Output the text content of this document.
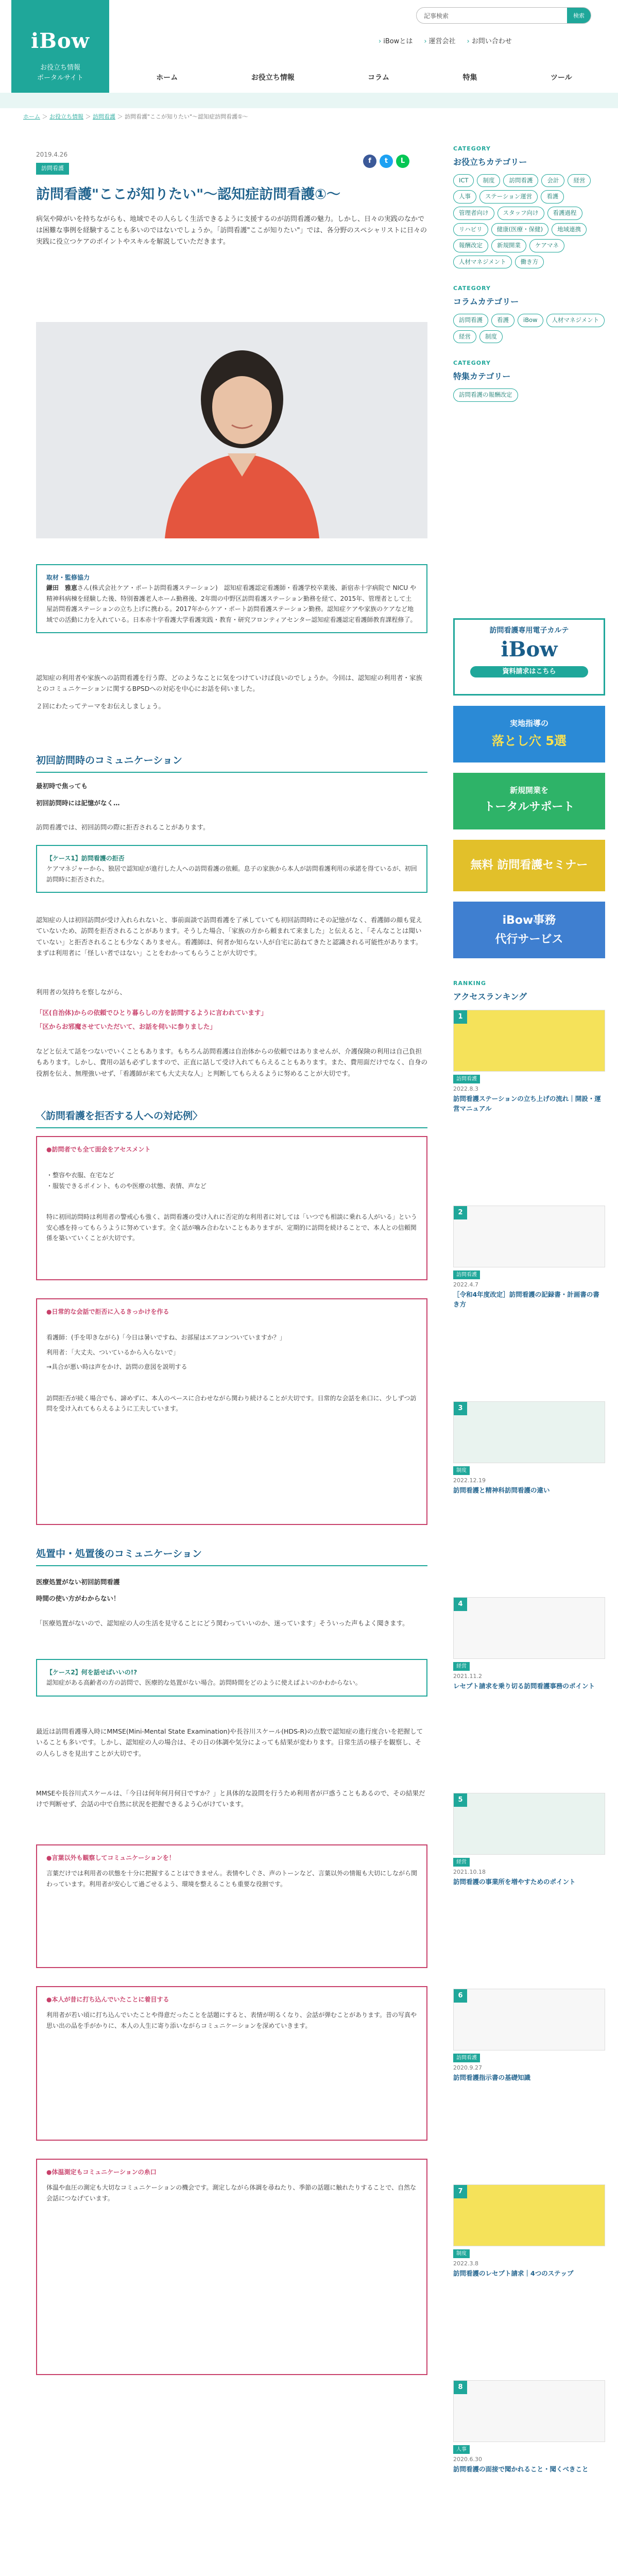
iBow
お役立ち情報
ポータルサイト
記事検索	検索
› iBowとは	› 運営会社	› お問い合わせ
ホーム	お役立ち情報	コラム	特集	ツール
ホーム ＞ お役立ち情報 ＞ 訪問看護 ＞ 訪問看護"ここが知りたい"〜認知症訪問看護①〜
2019.4.26
訪問看護
訪問看護"ここが知りたい"〜認知症訪問看護①〜

病気や障がいを持ちながらも、地域でその人らしく生活できるように支援するのが訪問看護の魅力。しかし、日々の実践のなかでは困難な事例を経験することも多いのではないでしょうか。「訪問看護"ここが知りたい"」では、各分野のスペシャリストに日々の実践に役立つケアのポイントやスキルを解説していただきます。

f	t	L
取材・監修協力
鎌田　雅恵さん(株式会社ケア・ポート訪問看護ステーション)　認知症看護認定看護師・看護学校卒業後、新宿赤十字病院で NICU や精神科病棟を経験した後、特別養護老人ホーム勤務後、2年間の中野区訪問看護ステーション勤務を経て、2015年、管理者として土屋訪問看護ステーションの立ち上げに携わる。2017年からケア・ポート訪問看護ステーション勤務。認知症ケアや家族のケアなど地域での活動に力を入れている。日本赤十字看護大学看護実践・教育・研究フロンティアセンター認知症看護認定看護師教育課程修了。

認知症の利用者や家族への訪問看護を行う際、どのようなことに気をつけていけば良いのでしょうか。今回は、認知症の利用者・家族とのコミュニケーションに関するBPSDへの対応を中心にお話を伺いました。

２回にわたってテーマをお伝えしましょう。

初回訪問時のコミュニケーション

最初時で焦っても

初回訪問時には記憶がなく…

訪問看護では、初回訪問の際に拒否されることがあります。

【ケース1】訪問看護の拒否
ケアマネジャーから、独居で認知症が進行した人への訪問看護の依頼。息子の家族から本人が訪問看護利用の承諾を得ているが、初回訪問時に拒否された。

認知症の人は初回訪問が受け入れられないと、事前面談で訪問看護を了承していても初回訪問時にその記憶がなく、看護師の顔も覚えていないため、訪問を拒否されることがあります。そうした場合、「家族の方から頼まれて来ました」と伝えると、「そんなことは聞いていない」と拒否されることも少なくありません。看護師は、何者か知らない人が自宅に訪ねてきたと認識される可能性があります。まずは利用者に「怪しい者ではない」ことをわかってもらうことが大切です。

利用者の気持ちを察しながら、

「区(自治体)からの依頼でひとり暮らしの方を訪問するように言われています」

「区からお邪魔させていただいて、お話を伺いに参りました」

などと伝えて話をつないでいくこともあります。もちろん訪問看護は自治体からの依頼ではありませんが、介護保険の利用は自己負担もあります。しかし、費用の話も必ずしますので、正直に話して受け入れてもらえることもあります。また、費用面だけでなく、自身の役割を伝え、無理強いせず、「看護師が来ても大丈夫な人」と判断してもらえるように努めることが大切です。

〈訪問看護を拒否する人への対応例〉
●訪問者でも全て面会をアセスメント
・整容や衣服、在宅など
・服装できるポイント、ものや医療の状態、表情、声など
特に初回訪問時は利用者の警戒心も強く、訪問看護の受け入れに否定的な利用者に対しては「いつでも相談に乗れる人がいる」という安心感を持ってもらうように努めています。全く話が噛み合わないこともありますが、定期的に訪問を続けることで、本人との信頼関係を築いていくことが大切です。
●日常的な会話で拒否に入るきっかけを作る
看護師：(手を叩きながら)「今日は暑いですね、お部屋はエアコンついていますか？」
利用者：「大丈夫、ついているから入らないで」
→具合が悪い時は声をかけ、訪問の意図を説明する
訪問拒否が続く場合でも、諦めずに、本人のペースに合わせながら関わり続けることが大切です。日常的な会話を糸口に、少しずつ訪問を受け入れてもらえるように工夫しています。
処置中・処置後のコミュニケーション

医療処置がない初回訪問看護

時間の使い方がわからない！

「医療処置がないので、認知症の人の生活を見守ることにどう関わっていいのか、迷っています」そういった声もよく聞きます。

【ケース2】何を話せばいいの!?
認知症がある高齢者の方の訪問で、医療的な処置がない場合。訪問時間をどのように使えばよいのかわからない。

最近は訪問看護導入時にMMSE(Mini-Mental State Examination)や長谷川スケール(HDS-R)の点数で認知症の進行度合いを把握していることも多いです。しかし、認知症の人の場合は、その日の体調や気分によっても結果が変わります。日常生活の様子を観察し、その人らしさを見出すことが大切です。

MMSEや長谷川式スケールは、「今日は何年何月何日ですか？」と具体的な設問を行うため利用者が戸惑うこともあるので、その結果だけで判断せず、会話の中で自然に状況を把握できるよう心がけています。

●言葉以外も観察してコミュニケーションを！
言葉だけでは利用者の状態を十分に把握することはできません。表情やしぐさ、声のトーンなど、言葉以外の情報も大切にしながら関わっています。利用者が安心して過ごせるよう、環境を整えることも重要な役割です。
●本人が昔に打ち込んでいたことに着目する
利用者が若い頃に打ち込んでいたことや得意だったことを話題にすると、表情が明るくなり、会話が弾むことがあります。昔の写真や思い出の品を手がかりに、本人の人生に寄り添いながらコミュニケーションを深めていきます。
●体温測定もコミュニケーションの糸口
体温や血圧の測定も大切なコミュニケーションの機会です。測定しながら体調を尋ねたり、季節の話題に触れたりすることで、自然な会話につなげています。
CATEGORY
お役立ちカテゴリー
ICT	制度	訪問看護	会計	経営
人事	ステーション運営	看護
管理者向け	スタッフ向け	看護過程
リハビリ	健康(医療・保健)	地域連携
報酬改定	新規開業	ケアマネ
人材マネジメント	働き方
CATEGORY
コラムカテゴリー
訪問看護	看護	iBow	人材マネジメント
経営	制度
CATEGORY
特集カテゴリー
訪問看護の報酬改定
訪問看護専用電子カルテ
iBow
資料請求はこちら
実地指導の
落とし穴 5選
新規開業を
トータルサポート
無料 訪問看護セミナー
iBow事務
代行サービス
RANKING
アクセスランキング
1
訪問看護
2022.8.3
訪問看護ステーションの立ち上げの流れ｜開設・運営マニュアル
2
訪問看護
2022.4.7
［令和4年度改定］訪問看護の記録書・計画書の書き方
3
制度
2022.12.19
訪問看護と精神科訪問看護の違い
4
経営
2021.11.2
レセプト請求を乗り切る訪問看護事務のポイント
5
経営
2021.10.18
訪問看護の事業所を増やすためのポイント
6
訪問看護
2020.9.27
訪問看護指示書の基礎知識
7
制度
2022.3.8
訪問看護のレセプト請求｜4つのステップ
8
人事
2020.6.30
訪問看護の面接で聞かれること・聞くべきこと
